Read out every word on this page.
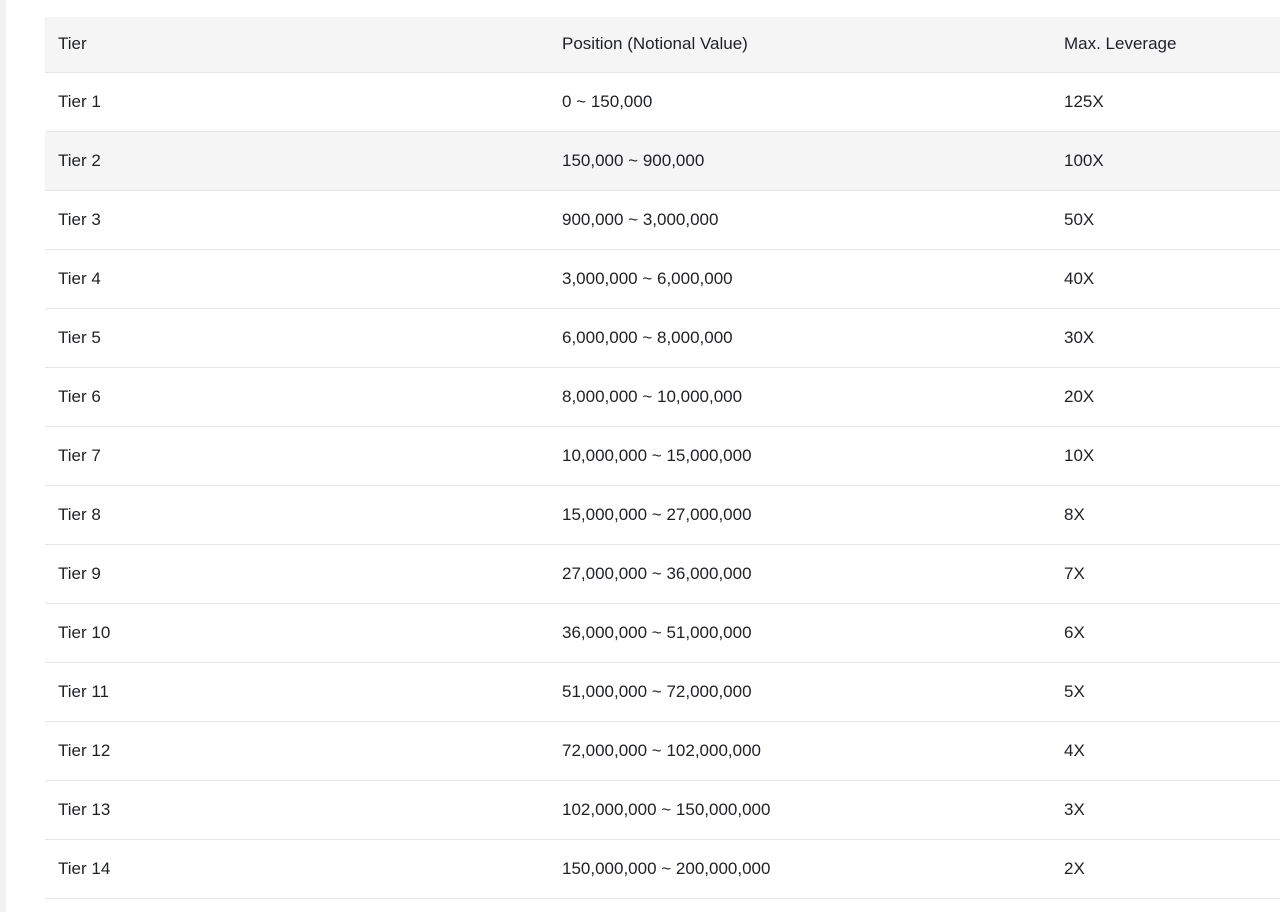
Tier	Position (Notional Value)	Max. Leverage
Tier 1	0 ~ 150,000	125X
Tier 2	150,000 ~ 900,000	100X
Tier 3	900,000 ~ 3,000,000	50X
Tier 4	3,000,000 ~ 6,000,000	40X
Tier 5	6,000,000 ~ 8,000,000	30X
Tier 6	8,000,000 ~ 10,000,000	20X
Tier 7	10,000,000 ~ 15,000,000	10X
Tier 8	15,000,000 ~ 27,000,000	8X
Tier 9	27,000,000 ~ 36,000,000	7X
Tier 10	36,000,000 ~ 51,000,000	6X
Tier 11	51,000,000 ~ 72,000,000	5X
Tier 12	72,000,000 ~ 102,000,000	4X
Tier 13	102,000,000 ~ 150,000,000	3X
Tier 14	150,000,000 ~ 200,000,000	2X
